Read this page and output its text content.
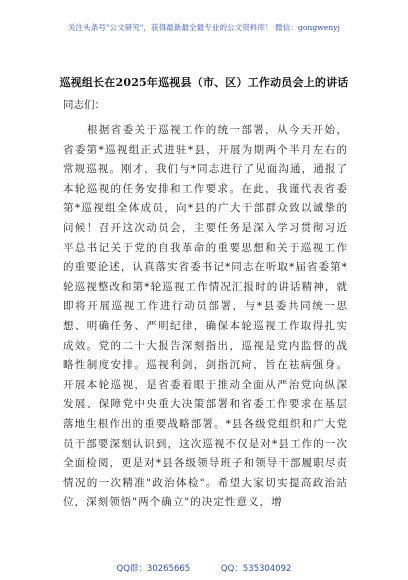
关注头条号"公文研究"，获得最新最全最专业的公文资料库！ 微信：gongwenyj
巡视组长在2025年巡视县（市、区）工作动员会上的讲话
同志们：

根据省委关于巡视工作的统一部署，从今天开始，省委第*巡视组正式进驻*县，开展为期两个半月左右的常规巡视。刚才，我们与*同志进行了见面沟通，通报了本轮巡视的任务安排和工作要求。在此，我谨代表省委第*巡视组全体成员，向*县的广大干部群众致以诚挚的问候！召开这次动员会，主要任务是深入学习贯彻习近平总书记关于党的自我革命的重要思想和关于巡视工作的重要论述，认真落实省委书记*同志在听取*届省委第*轮巡视整改和第*轮巡视工作情况汇报时的讲话精神，就即将开展巡视工作进行动员部署，与*县委共同统一思想、明确任务、严明纪律，确保本轮巡视工作取得扎实成效。党的二十大报告深刻指出，巡视是党内监督的战略性制度安排。巡视利剑，剑指沉疴，旨在祛病强身。开展本轮巡视，是省委着眼于推动全面从严治党向纵深发展、保障党中央重大决策部署和省委工作要求在基层落地生根作出的重要战略部署。*县各级党组织和广大党员干部要深刻认识到，这次巡视不仅是对*县工作的一次全面检阅，更是对*县各级领导班子和领导干部履职尽责情况的一次精准"政治体检"。希望大家切实提高政治站位，深刻领悟"两个确立"的决定性意义，增

QQ群：30265665	QQ：535304092
